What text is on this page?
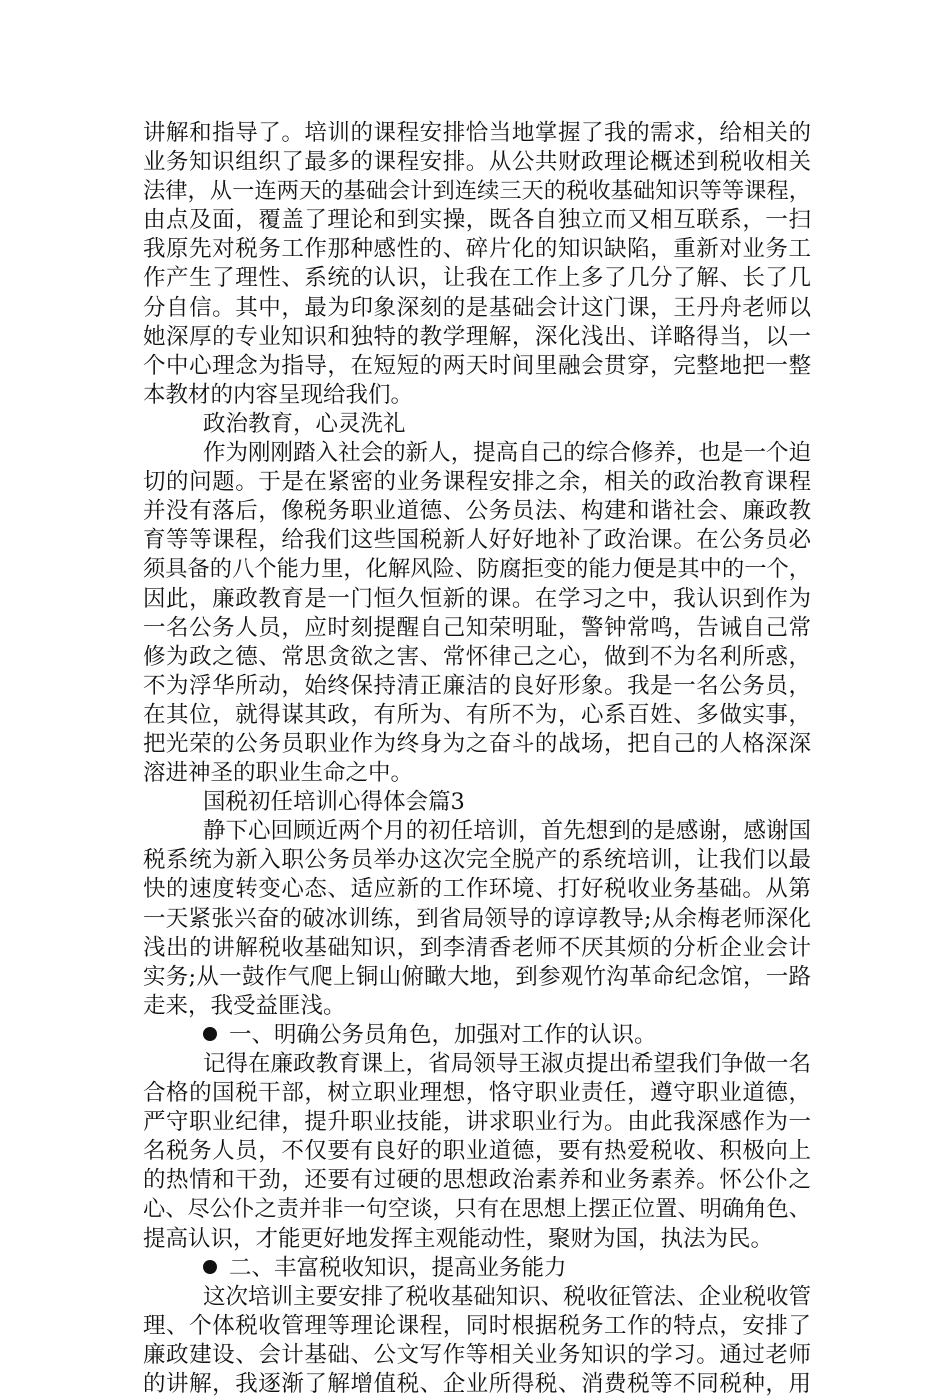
讲解和指导了。培训的课程安排恰当地掌握了我的需求，给相关的
业务知识组织了最多的课程安排。从公共财政理论概述到税收相关
法律，从一连两天的基础会计到连续三天的税收基础知识等等课程，
由点及面，覆盖了理论和到实操，既各自独立而又相互联系，一扫
我原先对税务工作那种感性的、碎片化的知识缺陷，重新对业务工
作产生了理性、系统的认识，让我在工作上多了几分了解、长了几
分自信。其中，最为印象深刻的是基础会计这门课，王丹舟老师以
她深厚的专业知识和独特的教学理解，深化浅出、详略得当，以一
个中心理念为指导，在短短的两天时间里融会贯穿，完整地把一整
本教材的内容呈现给我们。
政治教育，心灵洗礼
作为刚刚踏入社会的新人，提高自己的综合修养，也是一个迫
切的问题。于是在紧密的业务课程安排之余，相关的政治教育课程
并没有落后，像税务职业道德、公务员法、构建和谐社会、廉政教
育等等课程，给我们这些国税新人好好地补了政治课。在公务员必
须具备的八个能力里，化解风险、防腐拒变的能力便是其中的一个，
因此，廉政教育是一门恒久恒新的课。在学习之中，我认识到作为
一名公务人员，应时刻提醒自己知荣明耻，警钟常鸣，告诫自己常
修为政之德、常思贪欲之害、常怀律己之心，做到不为名利所惑，
不为浮华所动，始终保持清正廉洁的良好形象。我是一名公务员，
在其位，就得谋其政，有所为、有所不为，心系百姓、多做实事，
把光荣的公务员职业作为终身为之奋斗的战场，把自己的人格深深
溶进神圣的职业生命之中。
国税初任培训心得体会篇3
静下心回顾近两个月的初任培训，首先想到的是感谢，感谢国
税系统为新入职公务员举办这次完全脱产的系统培训，让我们以最
快的速度转变心态、适应新的工作环境、打好税收业务基础。从第
一天紧张兴奋的破冰训练，到省局领导的谆谆教导;从余梅老师深化
浅出的讲解税收基础知识，到李清香老师不厌其烦的分析企业会计
实务;从一鼓作气爬上铜山俯瞰大地，到参观竹沟革命纪念馆，一路
走来，我受益匪浅。
一、明确公务员角色，加强对工作的认识。
记得在廉政教育课上，省局领导王淑贞提出希望我们争做一名
合格的国税干部，树立职业理想，恪守职业责任，遵守职业道德，
严守职业纪律，提升职业技能，讲求职业行为。由此我深感作为一
名税务人员，不仅要有良好的职业道德，要有热爱税收、积极向上
的热情和干劲，还要有过硬的思想政治素养和业务素养。怀公仆之
心、尽公仆之责并非一句空谈，只有在思想上摆正位置、明确角色、
提高认识，才能更好地发挥主观能动性，聚财为国，执法为民。
二、丰富税收知识，提高业务能力
这次培训主要安排了税收基础知识、税收征管法、企业税收管
理、个体税收管理等理论课程，同时根据税务工作的特点，安排了
廉政建设、会计基础、公文写作等相关业务知识的学习。通过老师
的讲解，我逐渐了解增值税、企业所得税、消费税等不同税种，用
